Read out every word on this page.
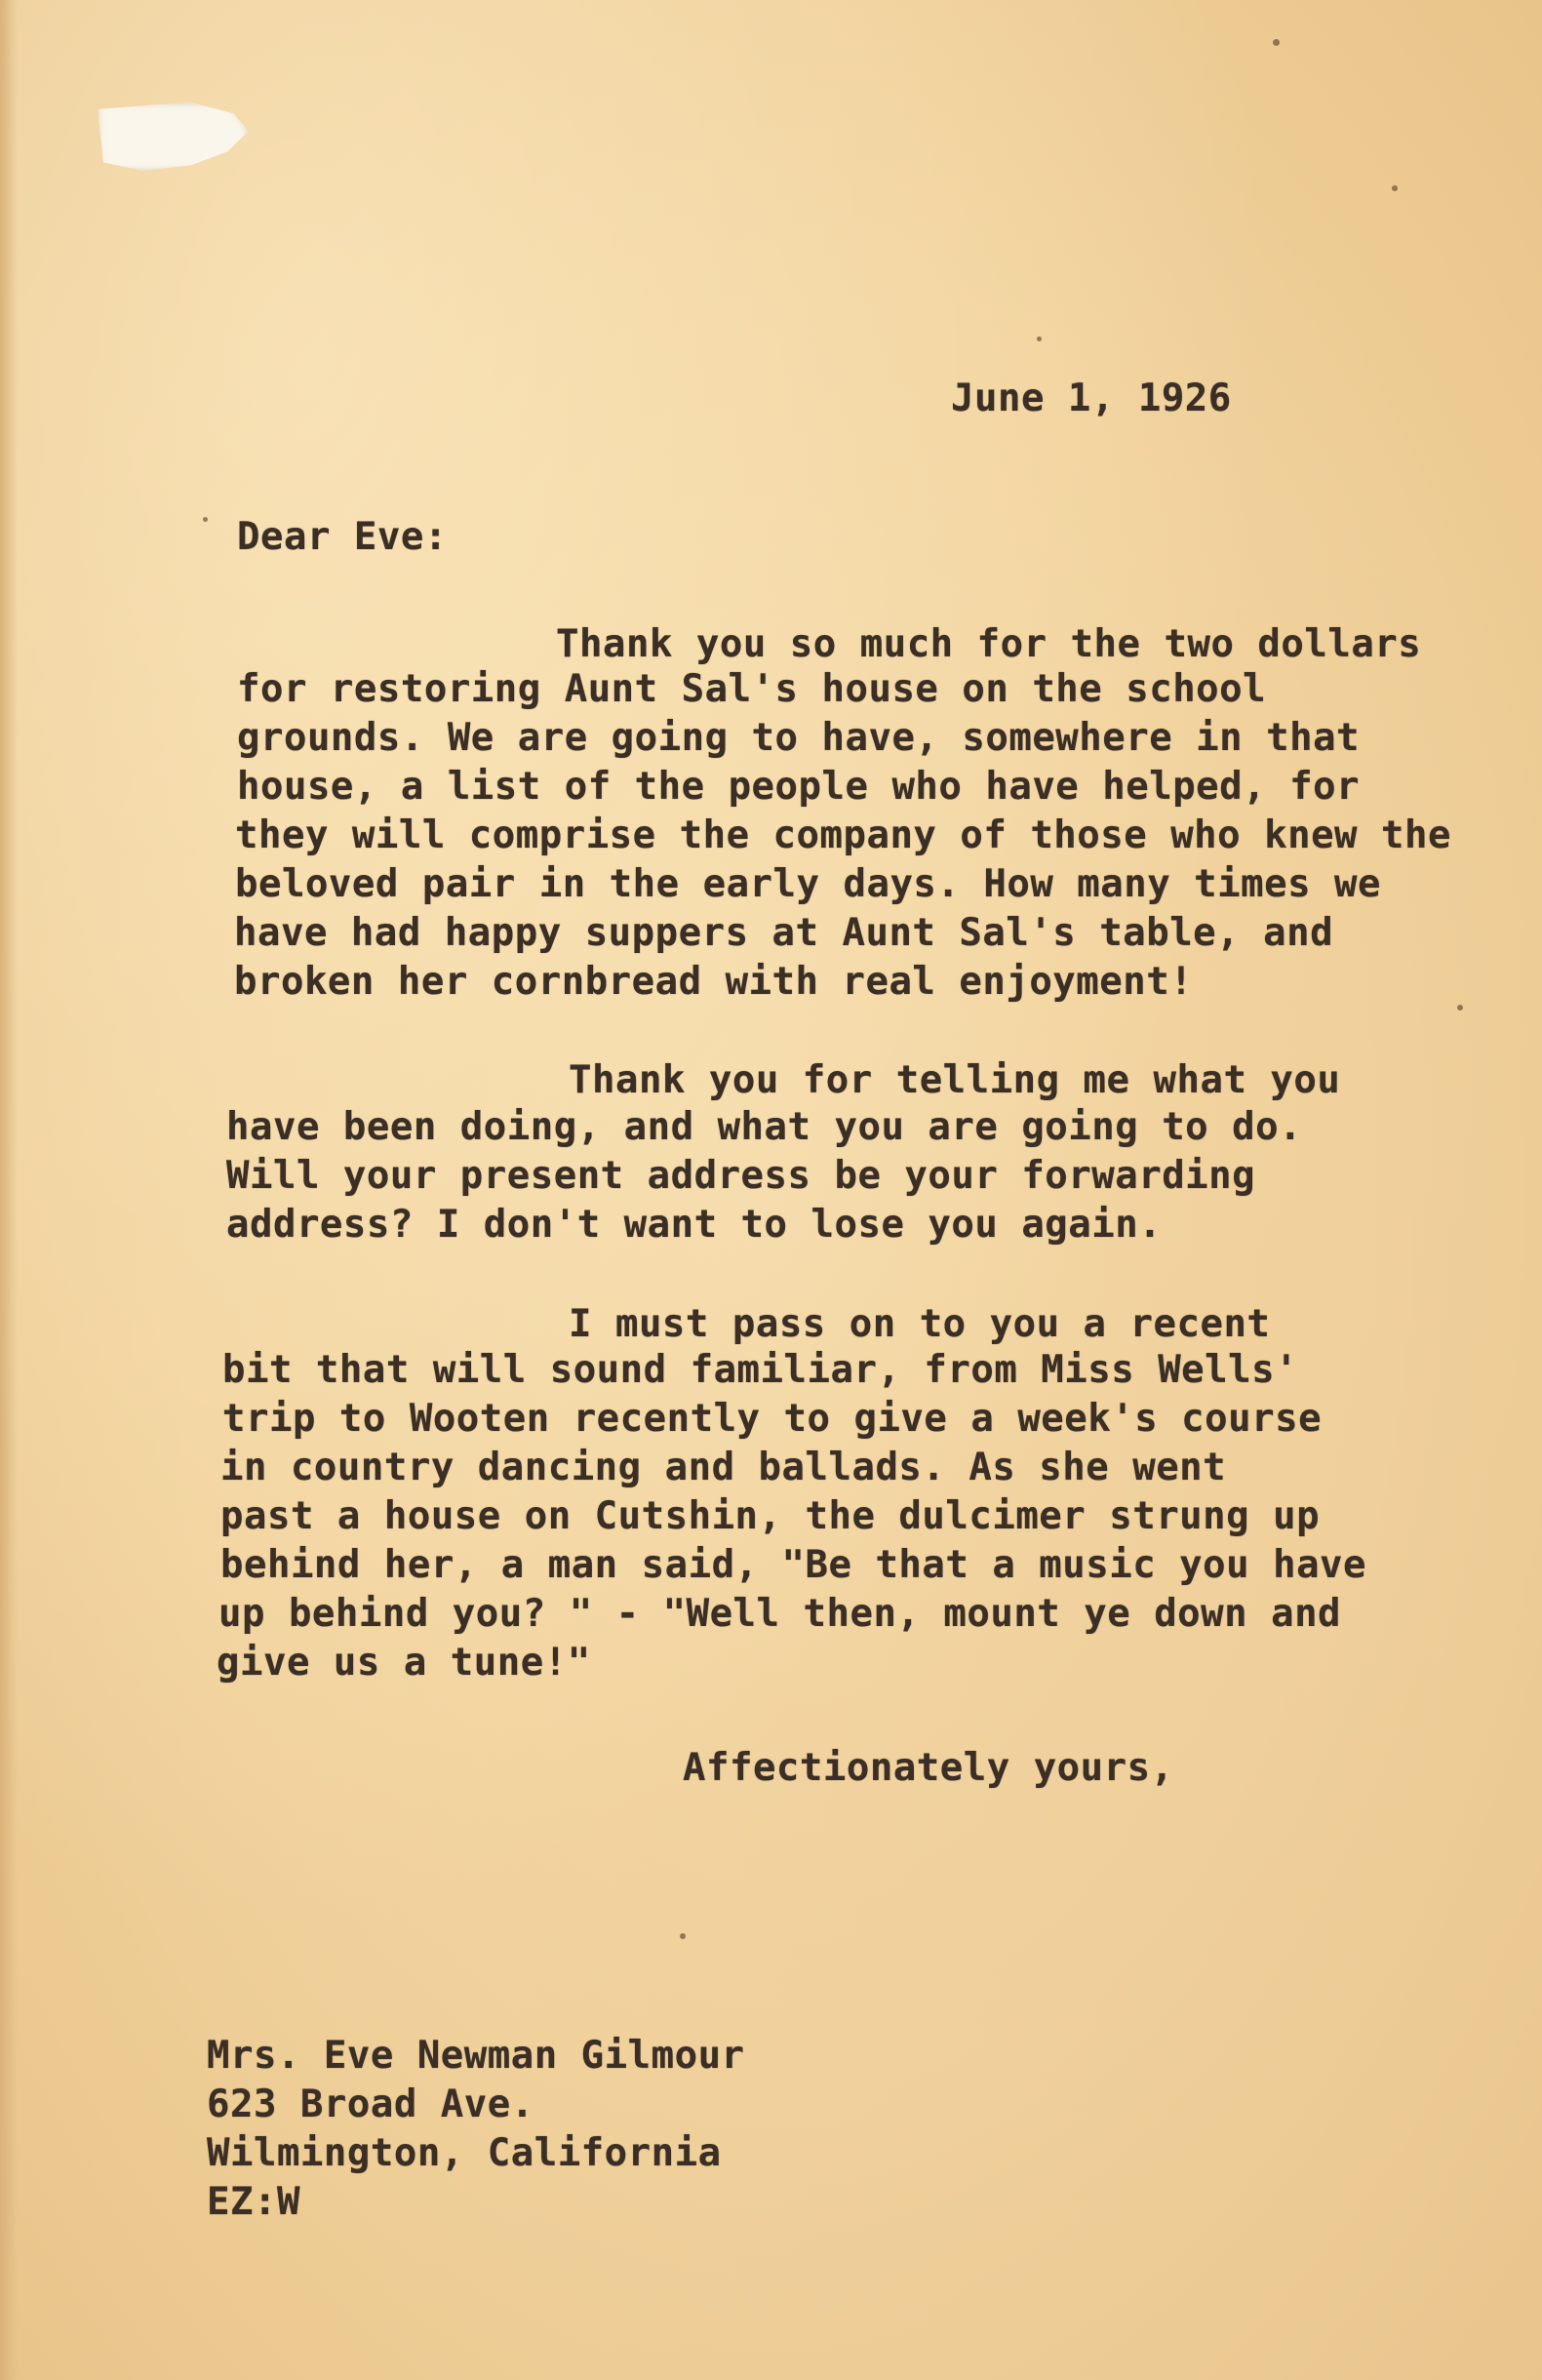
June 1, 1926
Dear Eve:
Thank you so much for the two dollars
for restoring Aunt Sal's house on the school
grounds. We are going to have, somewhere in that
house, a list of the people who have helped, for
they will comprise the company of those who knew the
beloved pair in the early days. How many times we
have had happy suppers at Aunt Sal's table, and
broken her cornbread with real enjoyment!
Thank you for telling me what you
have been doing, and what you are going to do.
Will your present address be your forwarding
address? I don't want to lose you again.
I must pass on to you a recent
bit that will sound familiar, from Miss Wells'
trip to Wooten recently to give a week's course
in country dancing and ballads. As she went
past a house on Cutshin, the dulcimer strung up
behind her, a man said, "Be that a music you have
up behind you? " - "Well then, mount ye down and
give us a tune!"
Affectionately yours,
Mrs. Eve Newman Gilmour
623 Broad Ave.
Wilmington, California
EZ:W
